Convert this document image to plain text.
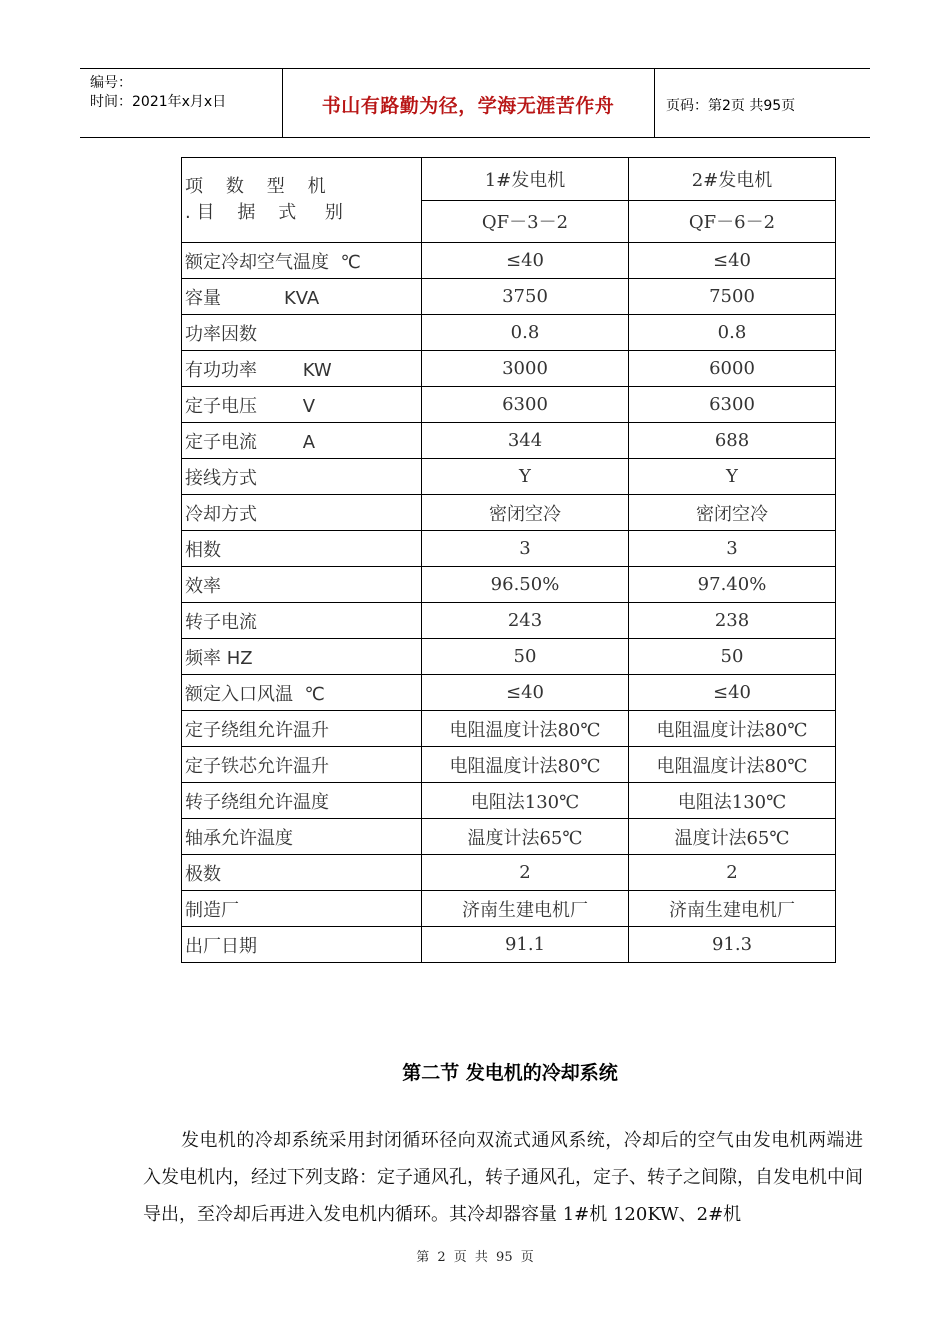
编号：
时间：2021年x月x日	书山有路勤为径，学海无涯苦作舟	页码：第2页 共95页

项    数    型    机

. 目    据    式     别	1#发电机	2#发电机
	QF－3－2	QF－6－2
额定冷却空气温度  ℃	≤40	≤40
容量           KVA	3750	7500
功率因数	0.8	0.8
有功功率        KW	3000	6000
定子电压        V	6300	6300
定子电流        A	344	688
接线方式	Y	Y
冷却方式	密闭空冷	密闭空冷
相数	3	3
效率	96.50%	97.40%
转子电流	243	238
频率 HZ	50	50
额定入口风温  ℃	≤40	≤40
定子绕组允许温升	电阻温度计法80℃	电阻温度计法80℃
定子铁芯允许温升	电阻温度计法80℃	电阻温度计法80℃
转子绕组允许温度	电阻法130℃	电阻法130℃
轴承允许温度	温度计法65℃	温度计法65℃
极数	2	2
制造厂	济南生建电机厂	济南生建电机厂
出厂日期	91.1	91.3
第二节 发电机的冷却系统

发电机的冷却系统采用封闭循环径向双流式通风系统，冷却后的空气由发电机两端进入发电机内，经过下列支路：定子通风孔，转子通风孔，定子、转子之间隙，自发电机中间导出，至冷却后再进入发电机内循环。其冷却器容量 1#机 120KW、2#机

第 2 页 共 95 页
